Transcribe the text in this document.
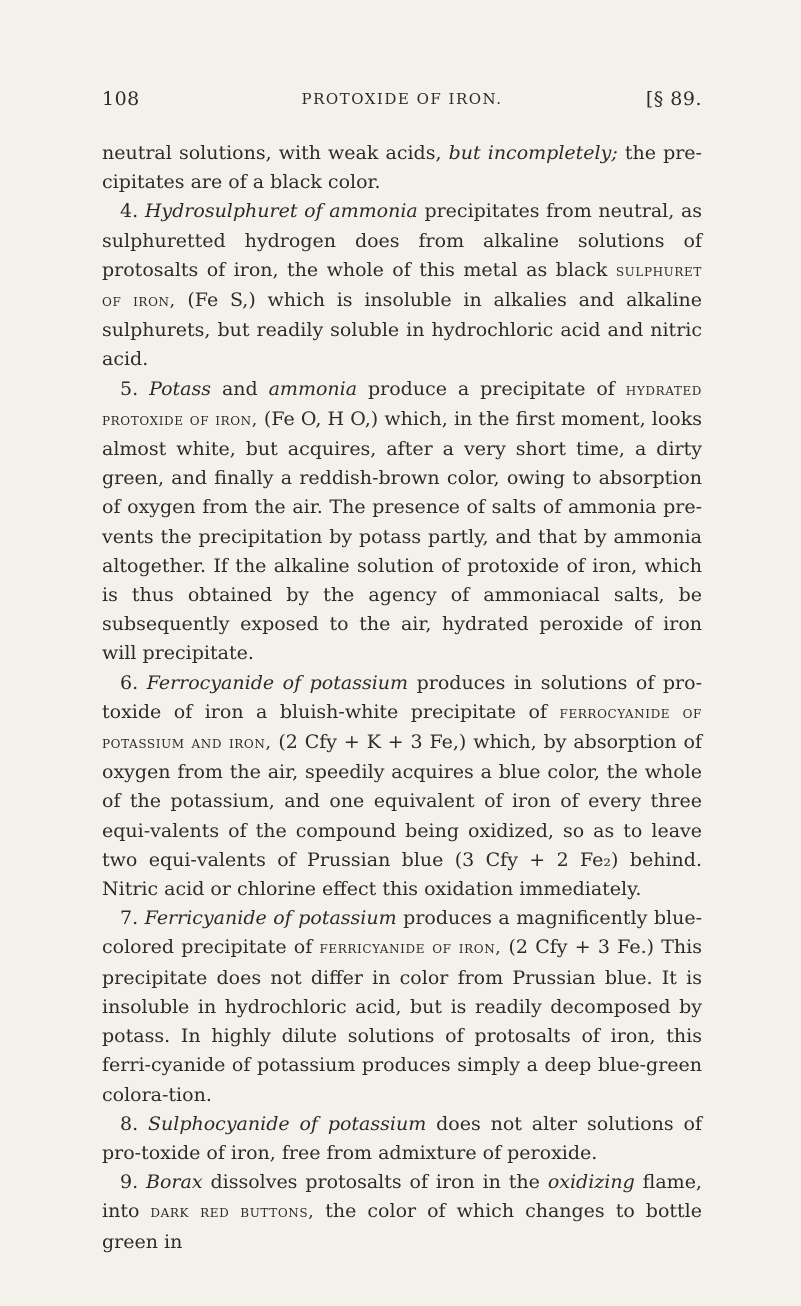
108	PROTOXIDE OF IRON.	[§ 89.

neutral solutions, with weak acids, but incompletely; the pre-cipitates are of a black color.

4. Hydrosulphuret of ammonia precipitates from neutral, as sulphuretted hydrogen does from alkaline solutions of protosalts of iron, the whole of this metal as black sulphuret of iron, (Fe S,) which is insoluble in alkalies and alkaline sulphurets, but readily soluble in hydrochloric acid and nitric acid.

5. Potass and ammonia produce a precipitate of hydrated protoxide of iron, (Fe O, H O,) which, in the first moment, looks almost white, but acquires, after a very short time, a dirty green, and finally a reddish-brown color, owing to absorption of oxygen from the air. The presence of salts of ammonia pre-vents the precipitation by potass partly, and that by ammonia altogether. If the alkaline solution of protoxide of iron, which is thus obtained by the agency of ammoniacal salts, be subsequently exposed to the air, hydrated peroxide of iron will precipitate.

6. Ferrocyanide of potassium produces in solutions of pro-toxide of iron a bluish-white precipitate of ferrocyanide of potassium and iron, (2 Cfy + K + 3 Fe,) which, by absorption of oxygen from the air, speedily acquires a blue color, the whole of the potassium, and one equivalent of iron of every three equi-valents of the compound being oxidized, so as to leave two equi-valents of Prussian blue (3 Cfy + 2 Fe₂) behind. Nitric acid or chlorine effect this oxidation immediately.

7. Ferricyanide of potassium produces a magnificently blue-colored precipitate of ferricyanide of iron, (2 Cfy + 3 Fe.) This precipitate does not differ in color from Prussian blue. It is insoluble in hydrochloric acid, but is readily decomposed by potass. In highly dilute solutions of protosalts of iron, this ferri-cyanide of potassium produces simply a deep blue-green colora-tion.

8. Sulphocyanide of potassium does not alter solutions of pro-toxide of iron, free from admixture of peroxide.

9. Borax dissolves protosalts of iron in the oxidizing flame, into dark red buttons, the color of which changes to bottle green in
